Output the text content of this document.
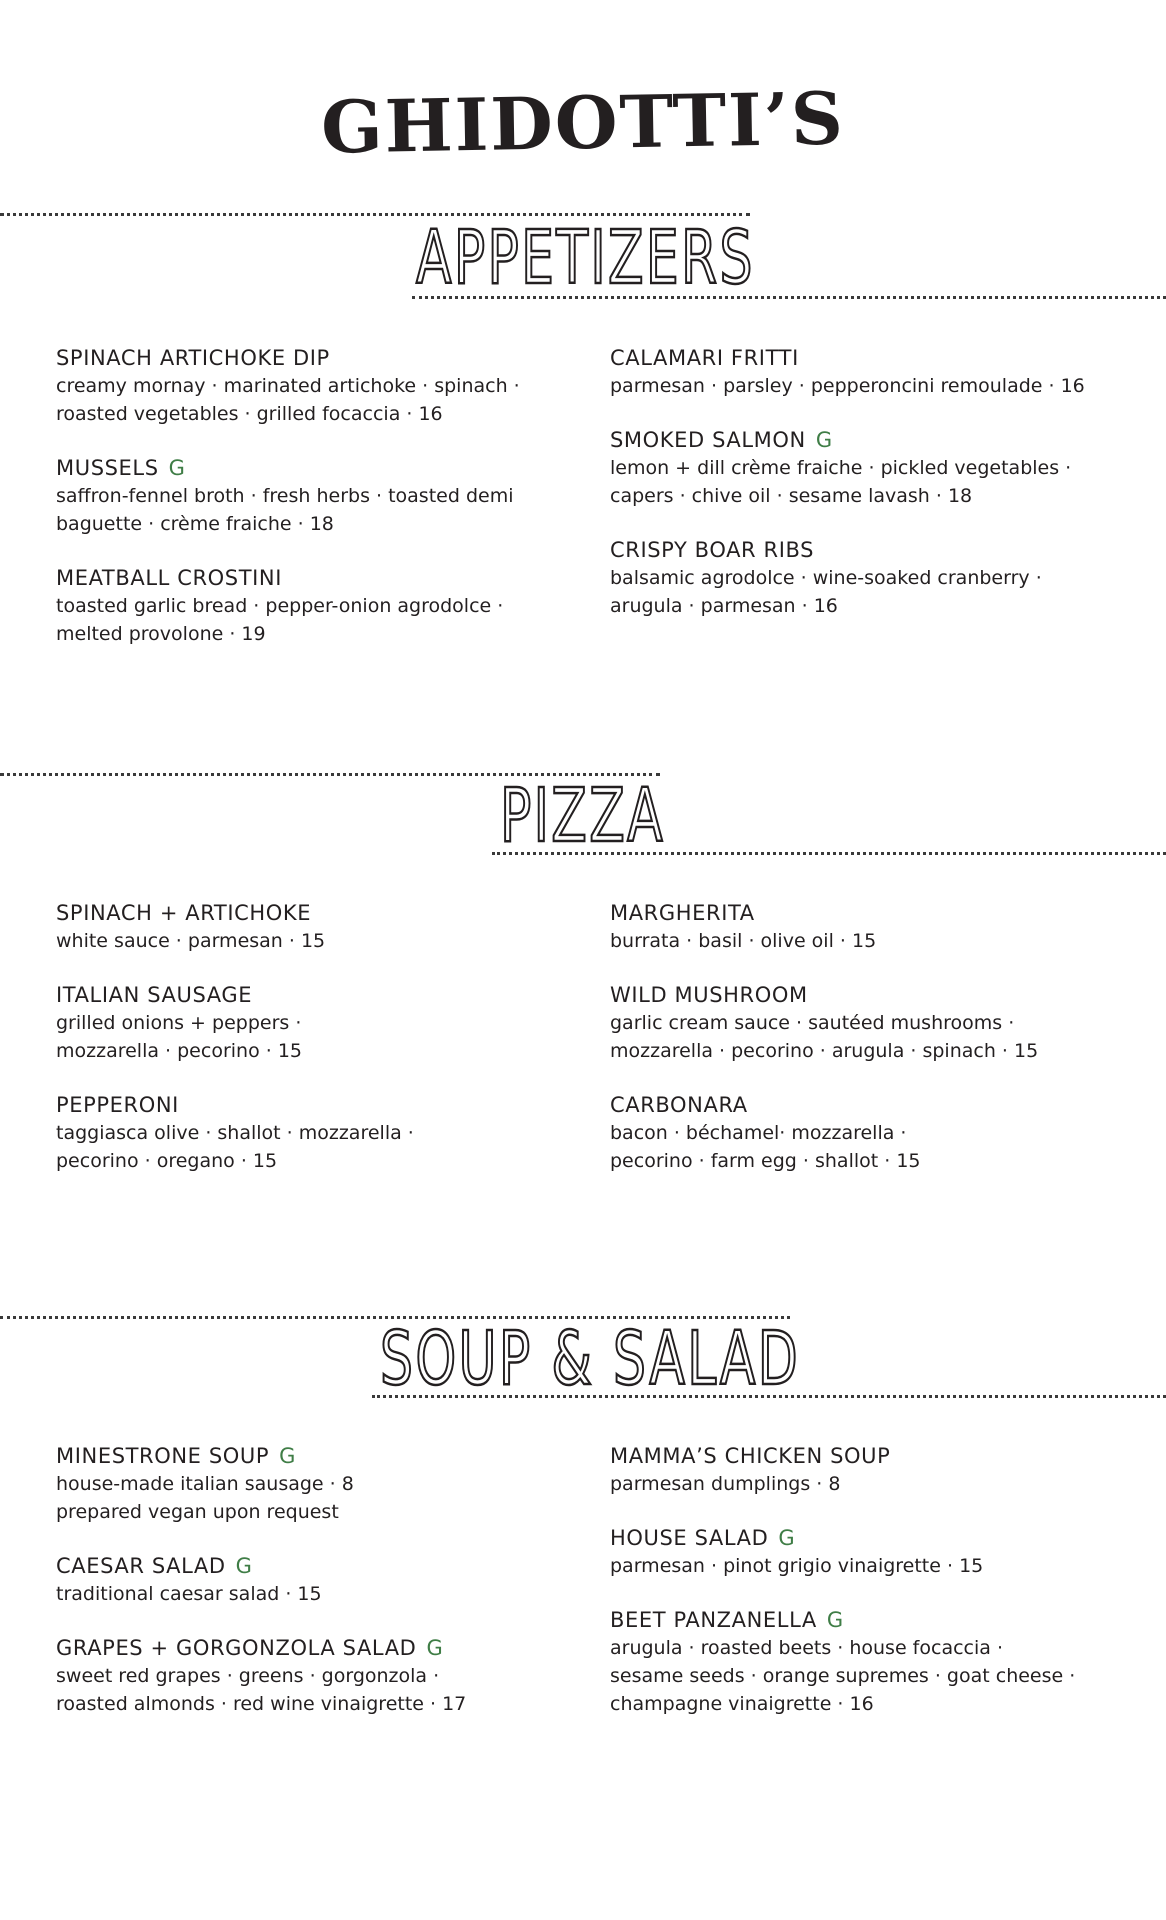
GHIDOTTI’S
APPETIZERS
SPINACH ARTICHOKE DIP
creamy mornay · marinated artichoke · spinach ·
roasted vegetables · grilled focaccia · 16
MUSSELS G
saffron-fennel broth · fresh herbs · toasted demi
baguette · crème fraiche · 18
MEATBALL CROSTINI
toasted garlic bread · pepper-onion agrodolce ·
melted provolone · 19
CALAMARI FRITTI
parmesan · parsley · pepperoncini remoulade · 16
SMOKED SALMON G
lemon + dill crème fraiche · pickled vegetables ·
capers · chive oil · sesame lavash · 18
CRISPY BOAR RIBS
balsamic agrodolce · wine-soaked cranberry ·
arugula · parmesan · 16
PIZZA
SPINACH + ARTICHOKE
white sauce · parmesan · 15
ITALIAN SAUSAGE
grilled onions + peppers ·
mozzarella · pecorino · 15
PEPPERONI
taggiasca olive · shallot · mozzarella ·
pecorino · oregano · 15
MARGHERITA
burrata · basil · olive oil · 15
WILD MUSHROOM
garlic cream sauce · sautéed mushrooms ·
mozzarella · pecorino · arugula · spinach · 15
CARBONARA
bacon · béchamel· mozzarella ·
pecorino · farm egg · shallot · 15
SOUP & SALAD
MINESTRONE SOUP G
house-made italian sausage · 8
prepared vegan upon request
CAESAR SALAD G
traditional caesar salad · 15
GRAPES + GORGONZOLA SALAD G
sweet red grapes · greens · gorgonzola ·
roasted almonds · red wine vinaigrette · 17
MAMMA’S CHICKEN SOUP
parmesan dumplings · 8
HOUSE SALAD G
parmesan · pinot grigio vinaigrette · 15
BEET PANZANELLA G
arugula · roasted beets · house focaccia ·
sesame seeds · orange supremes · goat cheese ·
champagne vinaigrette · 16
